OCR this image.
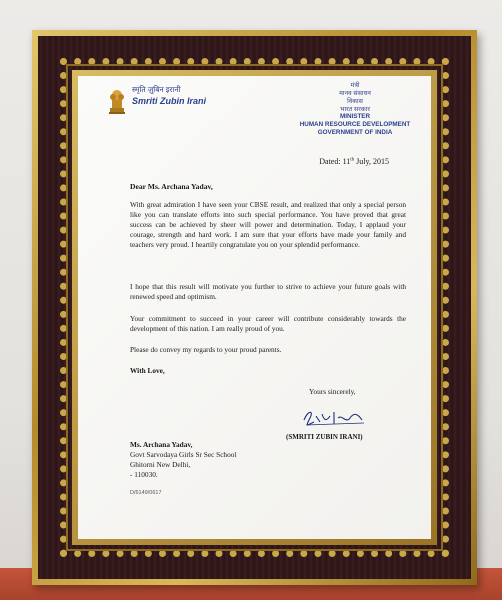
स्मृति ज़ुबिन इरानी
Smriti Zubin Irani
मंत्री
मानव संसाधन
विकास
भारत सरकार
MINISTER
HUMAN RESOURCE DEVELOPMENT
GOVERNMENT OF INDIA
Dated: 11th July, 2015
Dear Ms. Archana Yadav,
With great admiration I have seen your CBSE result, and realized that only a special person like you can translate efforts into such special performance. You have proved that great success can be achieved by sheer will power and determination. Today, I applaud your courage, strength and hard work. I am sure that your efforts have made your family and teachers very proud. I heartily congratulate you on your splendid performance.
I hope that this result will motivate you further to strive to achieve your future goals with renewed speed and optimism.
Your commitment to succeed in your career will contribute considerably towards the development of this nation. I am really proud of you.
Please do convey my regards to your proud parents.
With Love,
Yours sincerely,
(SMRITI ZUBIN IRANI)
Ms. Archana Yadav,
Govt Sarvodaya Girls Sr Sec School
Ghitorni New Delhi,
- 110030.
D/6149/0617
